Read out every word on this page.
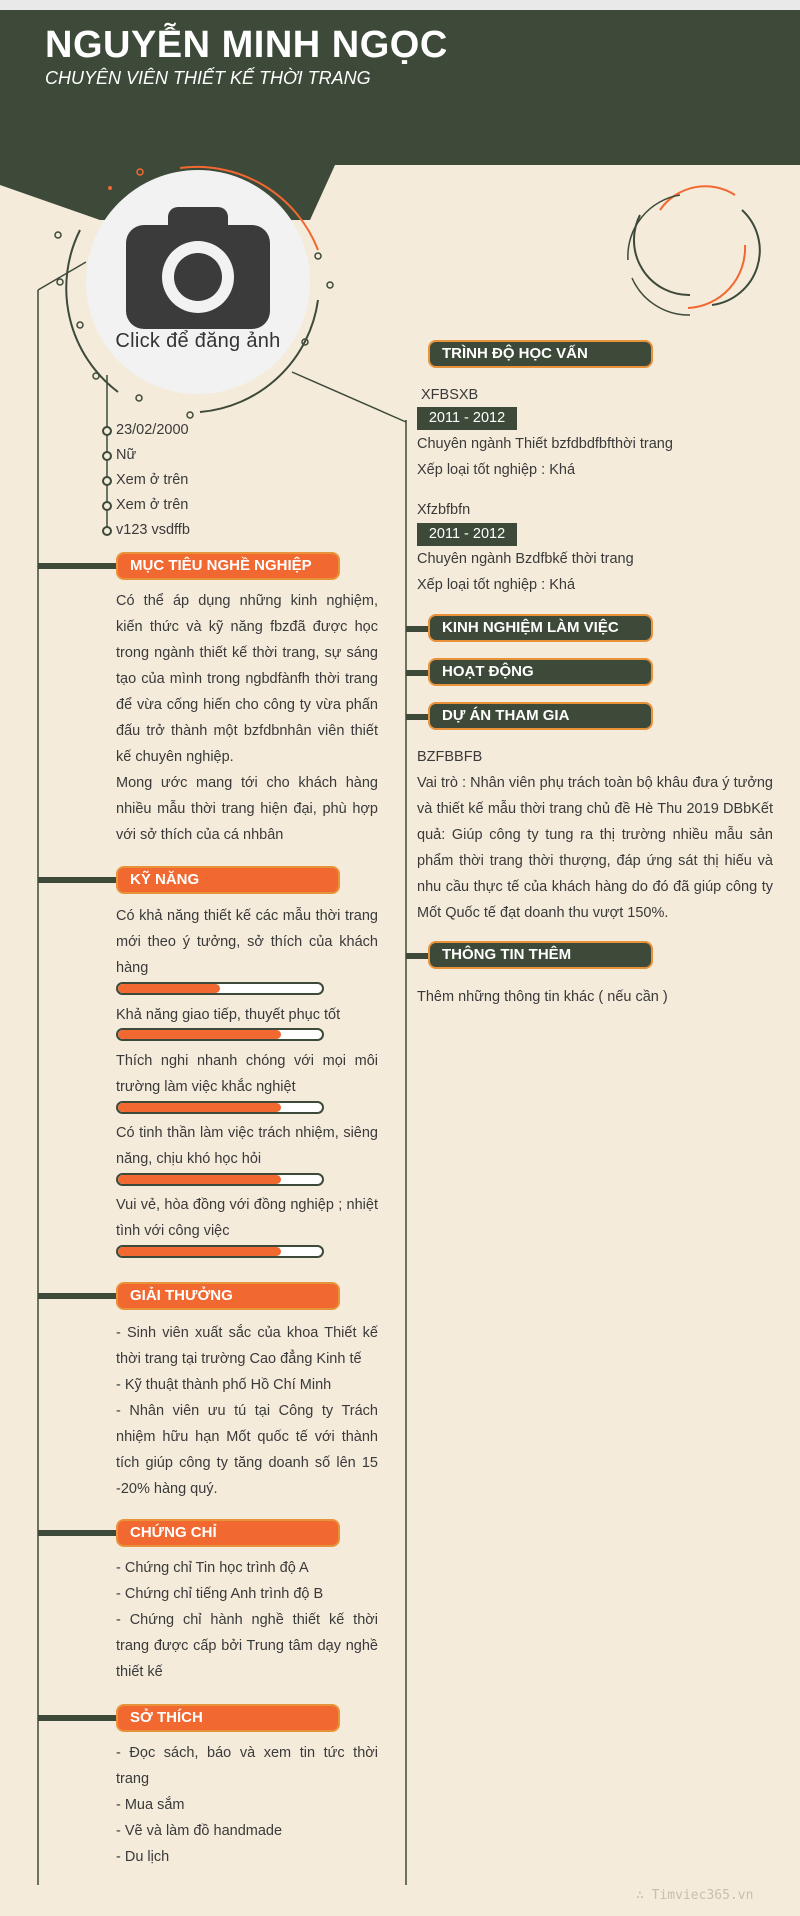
NGUYỄN MINH NGỌC
CHUYÊN VIÊN THIẾT KẾ THỜI TRANG
Click để đăng ảnh
23/02/2000
Nữ
Xem ở trên
Xem ở trên
v123 vsdffb
MỤC TIÊU NGHỀ NGHIỆP

Có thể áp dụng những kinh nghiệm, kiến thức và kỹ năng fbzđã được học trong ngành thiết kế thời trang, sự sáng tạo của mình trong ngbdfànfh thời trang để vừa cống hiến cho công ty vừa phấn đấu trở thành một bzfdbnhân viên thiết kế chuyên nghiệp.

Mong ước mang tới cho khách hàng nhiều mẫu thời trang hiện đại, phù hợp với sở thích của cá nhbân

KỸ NĂNG
Có khả năng thiết kế các mẫu thời trang mới theo ý tưởng, sở thích của khách hàng
Khả năng giao tiếp, thuyết phục tốt
Thích nghi nhanh chóng với mọi môi trường làm việc khắc nghiệt
Có tinh thần làm việc trách nhiệm, siêng năng, chịu khó học hỏi
Vui vẻ, hòa đồng với đồng nghiệp ; nhiệt tình với công việc
GIẢI THƯỞNG

- Sinh viên xuất sắc của khoa Thiết kế thời trang tại trường Cao đẳng Kinh tế

- Kỹ thuật thành phố Hồ Chí Minh

- Nhân viên ưu tú tại Công ty Trách nhiệm hữu hạn Mốt quốc tế với thành tích giúp công ty tăng doanh số lên 15 -20% hàng quý.

CHỨNG CHỈ

- Chứng chỉ Tin học trình độ A

- Chứng chỉ tiếng Anh trình độ B

- Chứng chỉ hành nghề thiết kế thời trang được cấp bởi Trung tâm dạy nghề thiết kế

SỞ THÍCH

- Đọc sách, báo và xem tin tức thời trang

- Mua sắm

- Vẽ và làm đồ handmade

- Du lịch

TRÌNH ĐỘ HỌC VẤN
XFBSXB
2011 - 2012
Chuyên ngành Thiết bzfdbdfbfthời trang
Xếp loại tốt nghiệp : Khá
Xfzbfbfn
2011 - 2012
Chuyên ngành Bzdfbkế thời trang
Xếp loại tốt nghiệp : Khá
KINH NGHIỆM LÀM VIỆC
HOẠT ĐỘNG
DỰ ÁN THAM GIA
BZFBBFB
Vai trò : Nhân viên phụ trách toàn bộ khâu đưa ý tưởng và thiết kế mẫu thời trang chủ đề Hè Thu 2019 DBbKết quả: Giúp công ty tung ra thị trường nhiều mẫu sản phẩm thời trang thời thượng, đáp ứng sát thị hiếu và nhu cầu thực tế của khách hàng do đó đã giúp công ty Mốt Quốc tế đạt doanh thu vượt 150%.
THÔNG TIN THÊM
Thêm những thông tin khác ( nếu cần )
∴ Timviec365.vn
